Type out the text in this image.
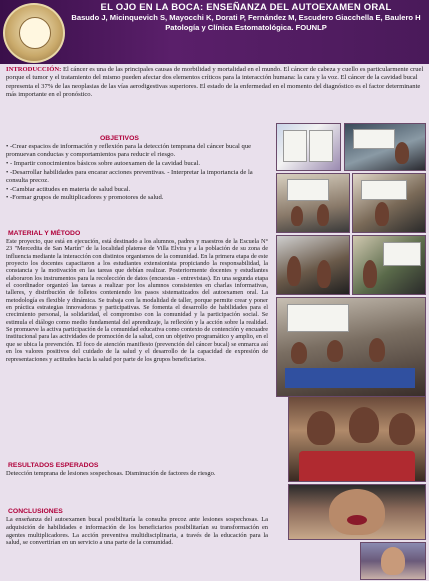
EL OJO EN LA BOCA: ENSEÑANZA DEL AUTOEXAMEN ORAL
Basudo J, Micinquevich S, Mayocchi K, Dorati P, Fernández M, Escudero Giacchella E, Baulero H
Patología y Clínica Estomatológica. FOUNLP
INTRODUCCIÓN: El cáncer es una de las principales causas de morbilidad y mortalidad en el mundo. El cáncer de cabeza y cuello es particularmente cruel porque el tumor y el tratamiento del mismo pueden afectar dos elementos críticos para la interacción humana: la cara y la voz. El cáncer de la cavidad bucal representa el 37% de las neoplasias de las vías aerodigestivas superiores. El estado de la enfermedad en el momento del diagnóstico es el factor determinante más importante en el pronóstico.
OBJETIVOS
• -Crear espacios de información y reflexión para la detección temprana del cáncer bucal que promuevan conductas y comportamientos para reducir el riesgo.
• - Impartir conocimientos básicos sobre autoexamen de la cavidad bucal.
• -Desarrollar habilidades para encarar acciones preventivas. - Interpretar la importancia de la consulta precoz.
• -Cambiar actitudes en materia de salud bucal.
• -Formar grupos de multiplicadores y promotores de salud.
MATERIAL Y MÉTODO
Este proyecto, que está en ejecución, está destinado a los alumnos, padres y maestros de la Escuela N° 23 "Mercedita de San Martín" de la localidad platense de Villa Elvira y a la población de su zona de influencia mediante la interacción con distintos organismos de la comunidad. En la primera etapa de este proyecto los docentes capacitaron a los estudiantes extensionista propiciando la responsabilidad, la constancia y la motivación en las tareas que debían realizar. Posteriormente docentes y estudiantes elaboraron los instrumentos para la recolección de datos (encuestas - entrevistas). En una segunda etapa el coordinador organizó las tareas a realizar por los alumnos consistentes en charlas informativas, talleres, y distribución de folletos conteniendo los pasos sistematizados del autoexamen oral. La metodología es flexible y dinámica. Se trabaja con la modalidad de taller, porque permite crear y poner en práctica estrategias innovadoras y participativas. Se fomenta el desarrollo de habilidades para el crecimiento personal, la solidaridad, el compromiso con la comunidad y la participación social. Se estimula el diálogo como medio fundamental del aprendizaje, la reflexión y la acción sobre la realidad. Se promueve la activa participación de la comunidad educativa como contexto de contención y encuadre institucional para las actividades de promoción de la salud, con un objetivo programático y amplio, en el que se ubica la prevención. El foco de atención manifiesto (prevención del cáncer bucal) se enmarca así en los valores positivos del cuidado de la salud y el desarrollo de la capacidad de expresión de representaciones y actitudes hacia la salud por parte de los grupos beneficiarios.
RESULTADOS ESPERADOS
Detección temprana de lesiones sospechosas. Disminución de factores de riesgo.
CONCLUSIONES
La enseñanza del autoexamen bucal posibilitaría la consulta precoz ante lesiones sospechosas. La adquisición de habilidades e información de los beneficiarios posibilitarían su transformación en agentes multiplicadores. La acción preventiva multidisciplinaria, a través de la educación para la salud, se convertirían en un servicio a una parte de la comunidad.
